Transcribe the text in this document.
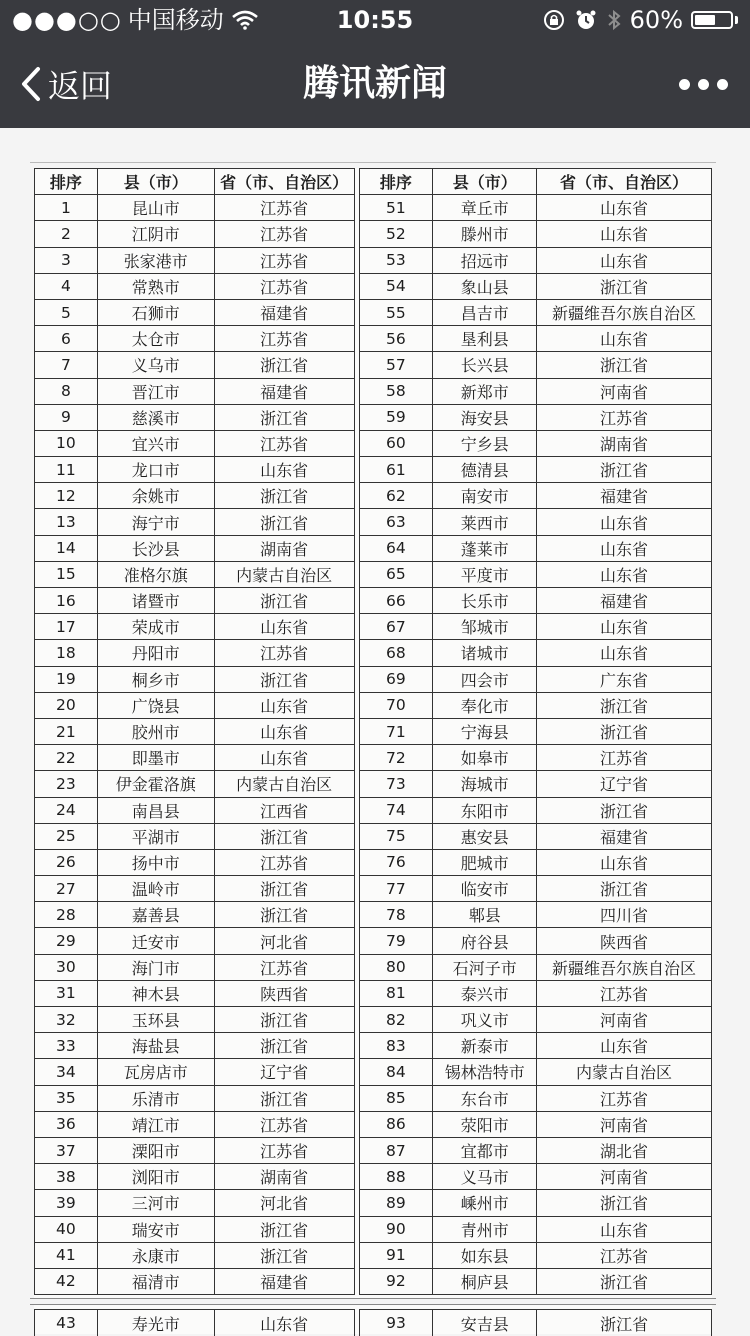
●●●○○ 中国移动	10:55	60%
返回	腾讯新闻
排序	县（市）	省（市、自治区）		排序	县（市）	省（市、自治区）
1	昆山市	江苏省		51	章丘市	山东省
2	江阴市	江苏省		52	滕州市	山东省
3	张家港市	江苏省		53	招远市	山东省
4	常熟市	江苏省		54	象山县	浙江省
5	石狮市	福建省		55	昌吉市	新疆维吾尔族自治区
6	太仓市	江苏省		56	垦利县	山东省
7	义乌市	浙江省		57	长兴县	浙江省
8	晋江市	福建省		58	新郑市	河南省
9	慈溪市	浙江省		59	海安县	江苏省
10	宜兴市	江苏省		60	宁乡县	湖南省
11	龙口市	山东省		61	德清县	浙江省
12	余姚市	浙江省		62	南安市	福建省
13	海宁市	浙江省		63	莱西市	山东省
14	长沙县	湖南省		64	蓬莱市	山东省
15	准格尔旗	内蒙古自治区		65	平度市	山东省
16	诸暨市	浙江省		66	长乐市	福建省
17	荣成市	山东省		67	邹城市	山东省
18	丹阳市	江苏省		68	诸城市	山东省
19	桐乡市	浙江省		69	四会市	广东省
20	广饶县	山东省		70	奉化市	浙江省
21	胶州市	山东省		71	宁海县	浙江省
22	即墨市	山东省		72	如皋市	江苏省
23	伊金霍洛旗	内蒙古自治区		73	海城市	辽宁省
24	南昌县	江西省		74	东阳市	浙江省
25	平湖市	浙江省		75	惠安县	福建省
26	扬中市	江苏省		76	肥城市	山东省
27	温岭市	浙江省		77	临安市	浙江省
28	嘉善县	浙江省		78	郫县	四川省
29	迁安市	河北省		79	府谷县	陕西省
30	海门市	江苏省		80	石河子市	新疆维吾尔族自治区
31	神木县	陕西省		81	泰兴市	江苏省
32	玉环县	浙江省		82	巩义市	河南省
33	海盐县	浙江省		83	新泰市	山东省
34	瓦房店市	辽宁省		84	锡林浩特市	内蒙古自治区
35	乐清市	浙江省		85	东台市	江苏省
36	靖江市	江苏省		86	荥阳市	河南省
37	溧阳市	江苏省		87	宜都市	湖北省
38	浏阳市	湖南省		88	义马市	河南省
39	三河市	河北省		89	嵊州市	浙江省
40	瑞安市	浙江省		90	青州市	山东省
41	永康市	浙江省		91	如东县	江苏省
42	福清市	福建省		92	桐庐县	浙江省
43	寿光市	山东省		93	安吉县	浙江省
